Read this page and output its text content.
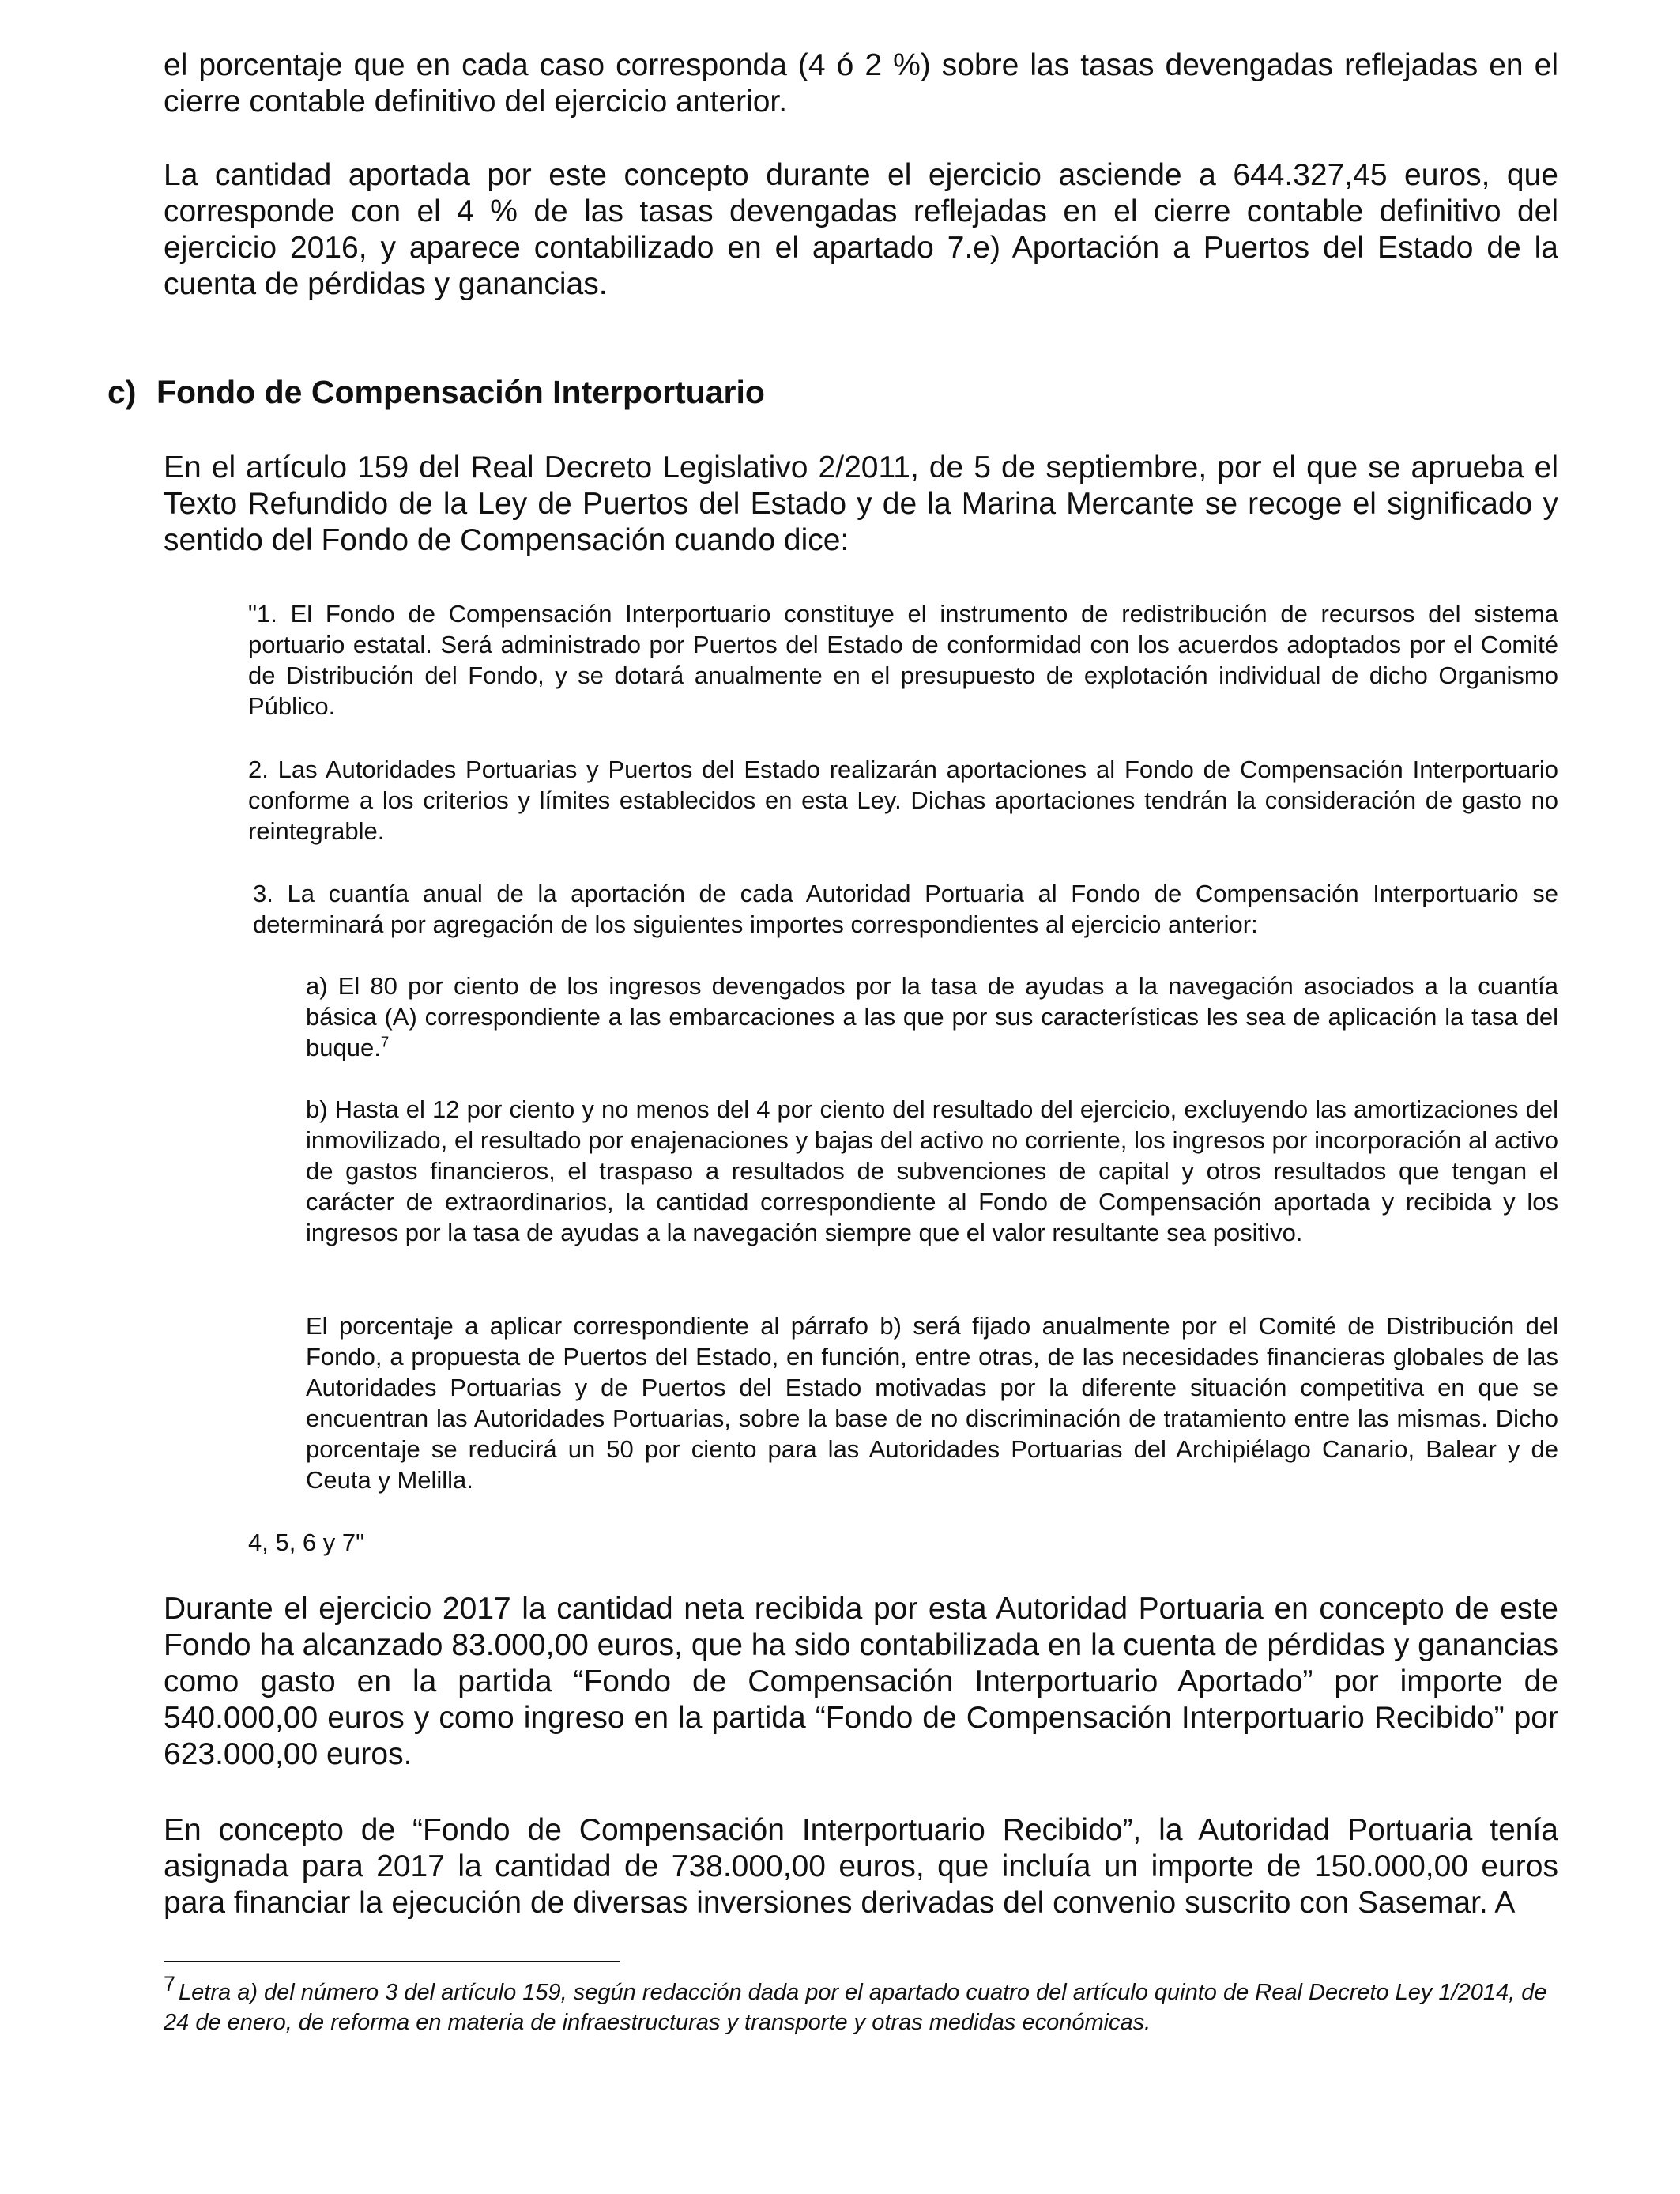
el porcentaje que en cada caso corresponda (4 ó 2 %) sobre las tasas devengadas reflejadas en el cierre contable definitivo del ejercicio anterior.

La cantidad aportada por este concepto durante el ejercicio asciende a 644.327,45 euros, que corresponde con el 4 % de las tasas devengadas reflejadas en el cierre contable definitivo del ejercicio 2016, y aparece contabilizado en el apartado 7.e) Aportación a Puertos del Estado de la cuenta de pérdidas y ganancias.

c) Fondo de Compensación Interportuario

En el artículo 159 del Real Decreto Legislativo 2/2011, de 5 de septiembre, por el que se aprueba el Texto Refundido de la Ley de Puertos del Estado y de la Marina Mercante se recoge el significado y sentido del Fondo de Compensación cuando dice:

"1. El Fondo de Compensación Interportuario constituye el instrumento de redistribución de recursos del sistema portuario estatal. Será administrado por Puertos del Estado de conformidad con los acuerdos adoptados por el Comité de Distribución del Fondo, y se dotará anualmente en el presupuesto de explotación individual de dicho Organismo Público.

2. Las Autoridades Portuarias y Puertos del Estado realizarán aportaciones al Fondo de Compensación Interportuario conforme a los criterios y límites establecidos en esta Ley. Dichas aportaciones tendrán la consideración de gasto no reintegrable.

3. La cuantía anual de la aportación de cada Autoridad Portuaria al Fondo de Compensación Interportuario se determinará por agregación de los siguientes importes correspondientes al ejercicio anterior:

a) El 80 por ciento de los ingresos devengados por la tasa de ayudas a la navegación asociados a la cuantía básica (A) correspondiente a las embarcaciones a las que por sus características les sea de aplicación la tasa del buque.$^7$

b) Hasta el 12 por ciento y no menos del 4 por ciento del resultado del ejercicio, excluyendo las amortizaciones del inmovilizado, el resultado por enajenaciones y bajas del activo no corriente, los ingresos por incorporación al activo de gastos financieros, el traspaso a resultados de subvenciones de capital y otros resultados que tengan el carácter de extraordinarios, la cantidad correspondiente al Fondo de Compensación aportada y recibida y los ingresos por la tasa de ayudas a la navegación siempre que el valor resultante sea positivo.

El porcentaje a aplicar correspondiente al párrafo b) será fijado anualmente por el Comité de Distribución del Fondo, a propuesta de Puertos del Estado, en función, entre otras, de las necesidades financieras globales de las Autoridades Portuarias y de Puertos del Estado motivadas por la diferente situación competitiva en que se encuentran las Autoridades Portuarias, sobre la base de no discriminación de tratamiento entre las mismas. Dicho porcentaje se reducirá un 50 por ciento para las Autoridades Portuarias del Archipiélago Canario, Balear y de Ceuta y Melilla.

4, 5, 6 y 7"

Durante el ejercicio 2017 la cantidad neta recibida por esta Autoridad Portuaria en concepto de este Fondo ha alcanzado 83.000,00 euros, que ha sido contabilizada en la cuenta de pérdidas y ganancias como gasto en la partida “Fondo de Compensación Interportuario Aportado” por importe de 540.000,00 euros y como ingreso en la partida “Fondo de Compensación Interportuario Recibido” por 623.000,00 euros.

En concepto de “Fondo de Compensación Interportuario Recibido”, la Autoridad Portuaria tenía asignada para 2017 la cantidad de 738.000,00 euros, que incluía un importe de 150.000,00 euros para financiar la ejecución de diversas inversiones derivadas del convenio suscrito con Sasemar. A

7 Letra a) del número 3 del artículo 159, según redacción dada por el apartado cuatro del artículo quinto de Real Decreto Ley 1/2014, de 24 de enero, de reforma en materia de infraestructuras y transporte y otras medidas económicas.
